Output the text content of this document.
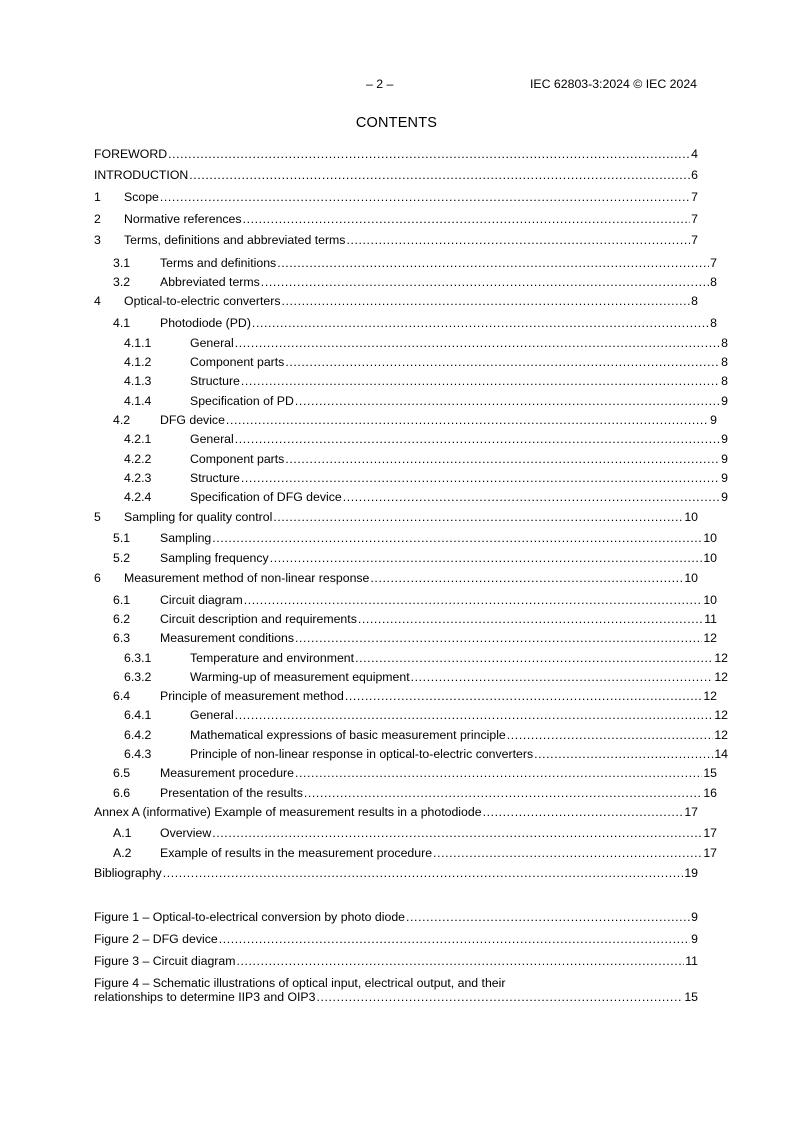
– 2 –	IEC 62803-3:2024 © IEC 2024
CONTENTS
FOREWORD .....	4
INTRODUCTION .....	6
1	Scope .....	7
2	Normative references .....	7
3	Terms, definitions and abbreviated terms .....	7
3.1	Terms and definitions .....	7
3.2	Abbreviated terms .....	8
4	Optical-to-electric converters .....	8
4.1	Photodiode (PD) .....	8
4.1.1	General .....	8
4.1.2	Component parts .....	8
4.1.3	Structure .....	8
4.1.4	Specification of PD .....	9
4.2	DFG device .....	9
4.2.1	General .....	9
4.2.2	Component parts .....	9
4.2.3	Structure .....	9
4.2.4	Specification of DFG device .....	9
5	Sampling for quality control .....	10
5.1	Sampling .....	10
5.2	Sampling frequency .....	10
6	Measurement method of non-linear response .....	10
6.1	Circuit diagram .....	10
6.2	Circuit description and requirements .....	11
6.3	Measurement conditions .....	12
6.3.1	Temperature and environment .....	12
6.3.2	Warming-up of measurement equipment .....	12
6.4	Principle of measurement method .....	12
6.4.1	General .....	12
6.4.2	Mathematical expressions of basic measurement principle .....	12
6.4.3	Principle of non-linear response in optical-to-electric converters .....	14
6.5	Measurement procedure .....	15
6.6	Presentation of the results .....	16
Annex A (informative) Example of measurement results in a photodiode .....	17
A.1	Overview .....	17
A.2	Example of results in the measurement procedure .....	17
Bibliography .....	19
Figure 1 – Optical-to-electrical conversion by photo diode .....	9
Figure 2 – DFG device .....	9
Figure 3 – Circuit diagram .....	11
Figure 4 – Schematic illustrations of optical input, electrical output, and their
relationships to determine IIP3 and OIP3 .....	15
